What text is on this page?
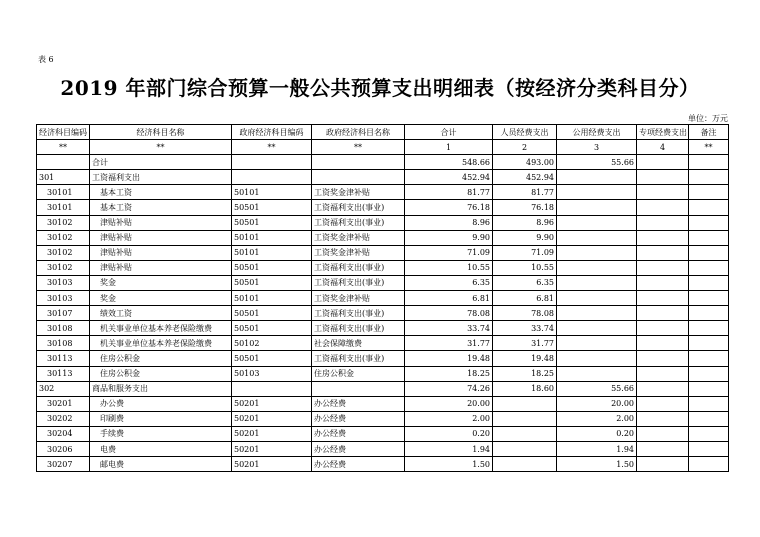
表 6
2019 年部门综合预算一般公共预算支出明细表（按经济分类科目分）
单位：万元
经济科目编码	经济科目名称	政府经济科目编码	政府经济科目名称	合计	人员经费支出	公用经费支出	专项经费支出	备注
**	**	**	**	1	2	3	4	**
	合计			548.66	493.00	55.66		
301	工资福利支出			452.94	452.94			
30101	基本工资	50101	工资奖金津补贴	81.77	81.77			
30101	基本工资	50501	工资福利支出(事业)	76.18	76.18			
30102	津贴补贴	50501	工资福利支出(事业)	8.96	8.96			
30102	津贴补贴	50101	工资奖金津补贴	9.90	9.90			
30102	津贴补贴	50101	工资奖金津补贴	71.09	71.09			
30102	津贴补贴	50501	工资福利支出(事业)	10.55	10.55			
30103	奖金	50501	工资福利支出(事业)	6.35	6.35			
30103	奖金	50101	工资奖金津补贴	6.81	6.81			
30107	绩效工资	50501	工资福利支出(事业)	78.08	78.08			
30108	机关事业单位基本养老保险缴费	50501	工资福利支出(事业)	33.74	33.74			
30108	机关事业单位基本养老保险缴费	50102	社会保障缴费	31.77	31.77			
30113	住房公积金	50501	工资福利支出(事业)	19.48	19.48			
30113	住房公积金	50103	住房公积金	18.25	18.25			
302	商品和服务支出			74.26	18.60	55.66		
30201	办公费	50201	办公经费	20.00		20.00		
30202	印刷费	50201	办公经费	2.00		2.00		
30204	手续费	50201	办公经费	0.20		0.20		
30206	电费	50201	办公经费	1.94		1.94		
30207	邮电费	50201	办公经费	1.50		1.50		
